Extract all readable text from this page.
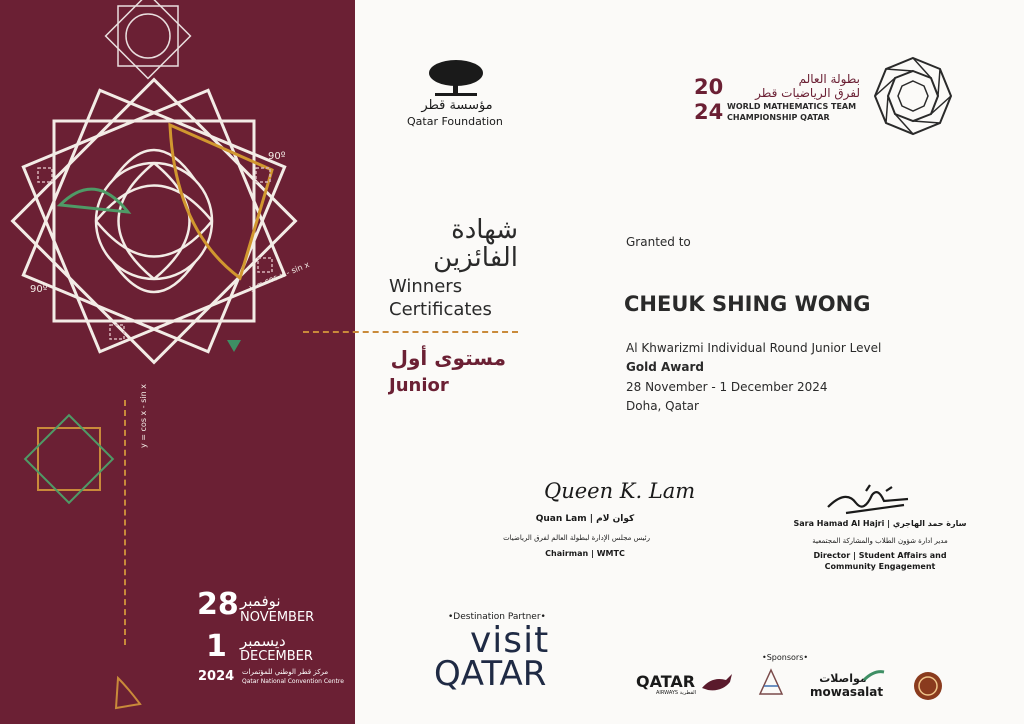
90º
90º	y = cos x - sin x
y = cos x - sin x
28 نوفمبر
NOVEMBER
1 ديسمبر
DECEMBER
2024 مركز قطر الوطني للمؤتمرات
Qatar National Convention Centre
مؤسسة قطر
Qatar Foundation
20
24
بطولة العالم
لفرق الرياضيات قطر
WORLD MATHEMATICS TEAM
CHAMPIONSHIP QATAR
شهادة
الفائزين
Winners
Certificates
مستوى أول
Junior
Granted to
CHEUK SHING WONG
Al Khwarizmi Individual Round Junior Level
Gold Award
28 November - 1 December 2024
Doha, Qatar
Queen K. Lam
Quan Lam | كوان لام
رئيس مجلس الإدارة لبطولة العالم لفرق الرياضيات
Chairman | WMTC
Sara Hamad Al Hajri | سارة حمد الهاجري
مدير ادارة شؤون الطلاب والمشاركة المجتمعية
Director | Student Affairs and
Community Engagement
•Destination Partner•
visit
QATAR	•Sponsors•
QATAR
AIRWAYS القطرية
مواصلات
mowasalat
